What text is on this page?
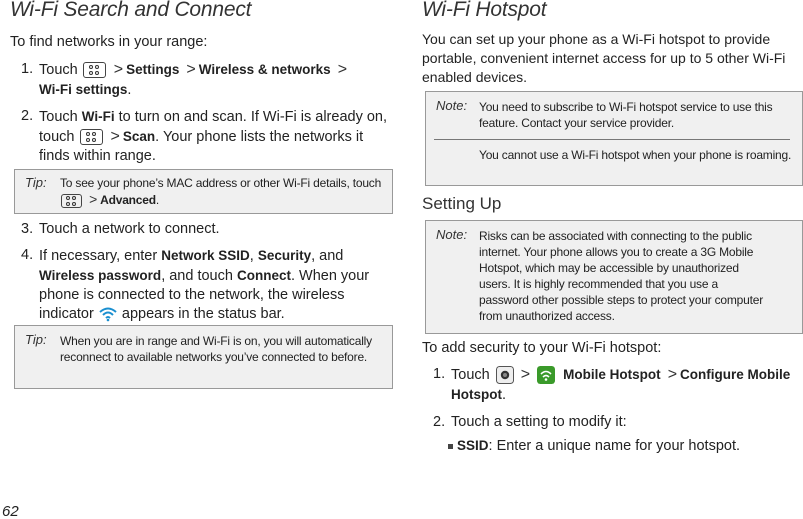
Wi-Fi Search and Connect
To find networks in your range:
1. Touch > Settings > Wireless & networks >
Wi-Fi settings.
2. Touch Wi-Fi to turn on and scan. If Wi-Fi is already on, touch > Scan. Your phone lists the networks it finds within range.
Tip: To see your phone’s MAC address or other Wi-Fi details, touch
> Advanced.
3. Touch a network to connect.
4. If necessary, enter Network SSID, Security, and Wireless password, and touch Connect. When your phone is connected to the network, the wireless indicator appears in the status bar.
Tip: When you are in range and Wi-Fi is on, you will automatically reconnect to available networks you’ve connected to before.
Wi-Fi Hotspot
You can set up your phone as a Wi-Fi hotspot to provide portable, convenient internet access for up to 5 other Wi-Fi enabled devices.
Note: You need to subscribe to Wi-Fi hotspot service to use this feature. Contact your service provider.
You cannot use a Wi-Fi hotspot when your phone is roaming.
Setting Up
Note: Risks can be associated with connecting to the public internet. Your phone allows you to create a 3G Mobile Hotspot, which may be accessible by unauthorized users. It is highly recommended that you use a password other possible steps to protect your computer from unauthorized access.
To add security to your Wi-Fi hotspot:
1. Touch > Mobile Hotspot > Configure Mobile Hotspot.
2. Touch a setting to modify it:
SSID: Enter a unique name for your hotspot.
62
